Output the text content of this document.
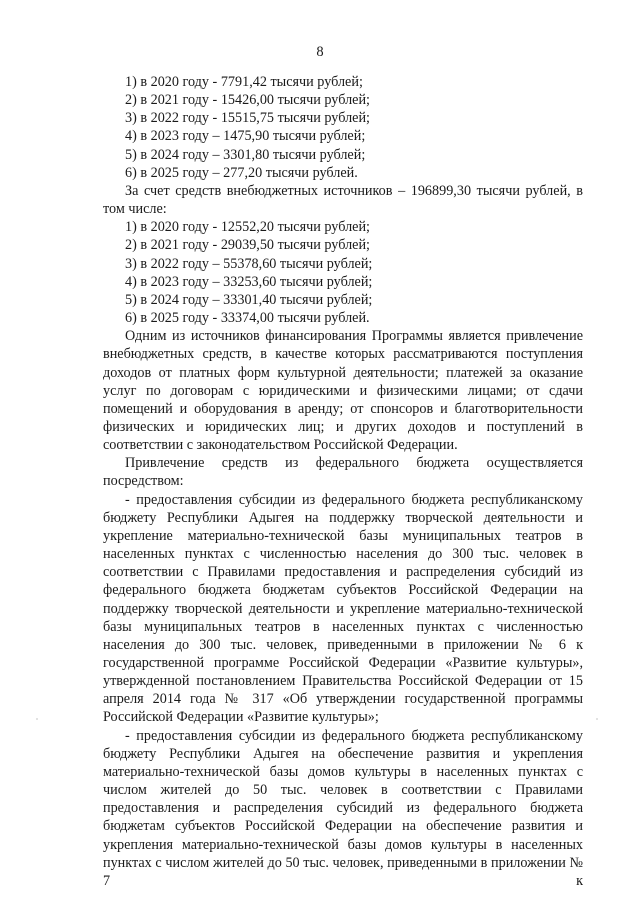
8

1) в 2020 году - 7791,42 тысячи рублей;

2) в 2021 году - 15426,00 тысячи рублей;

3) в 2022 году - 15515,75 тысячи рублей;

4) в 2023 году – 1475,90 тысячи рублей;

5) в 2024 году – 3301,80 тысячи рублей;

6) в 2025 году – 277,20 тысячи рублей.

За счет средств внебюджетных источников – 196899,30 тысячи рублей, в том числе:

1) в 2020 году - 12552,20 тысячи рублей;

2) в 2021 году - 29039,50 тысячи рублей;

3) в 2022 году – 55378,60 тысячи рублей;

4) в 2023 году – 33253,60 тысячи рублей;

5) в 2024 году – 33301,40 тысячи рублей;

6) в 2025 году - 33374,00 тысячи рублей.

Одним из источников финансирования Программы является привлечение внебюджетных средств, в качестве которых рассматриваются поступления доходов от платных форм культурной деятельности; платежей за оказание услуг по договорам с юридическими и физическими лицами; от сдачи помещений и оборудования в аренду; от спонсоров и благотворительности физических и юридических лиц; и других доходов и поступлений в соответствии с законодательством Российской Федерации.

Привлечение средств из федерального бюджета осуществляется посредством:

- предоставления субсидии из федерального бюджета республиканскому бюджету Республики Адыгея на поддержку творческой деятельности и укрепление материально-технической базы муниципальных театров в населенных пунктах с численностью населения до 300 тыс. человек в соответствии с Правилами предоставления и распределения субсидий из федерального бюджета бюджетам субъектов Российской Федерации на поддержку творческой деятельности и укрепление материально-технической базы муниципальных театров в населенных пунктах с численностью населения до 300 тыс. человек, приведенными в приложении № 6 к государственной программе Российской Федерации «Развитие культуры», утвержденной постановлением Правительства Российской Федерации от 15 апреля 2014 года № 317 «Об утверждении государственной программы Российской Федерации «Развитие культуры»;

- предоставления субсидии из федерального бюджета республиканскому бюджету Республики Адыгея на обеспечение развития и укрепления материально-технической базы домов культуры в населенных пунктах с числом жителей до 50 тыс. человек в соответствии с Правилами предоставления и распределения субсидий из федерального бюджета бюджетам субъектов Российской Федерации на обеспечение развития и укрепления материально-технической базы домов культуры в населенных пунктах с числом жителей до 50 тыс. человек, приведенными в приложении № 7 к
